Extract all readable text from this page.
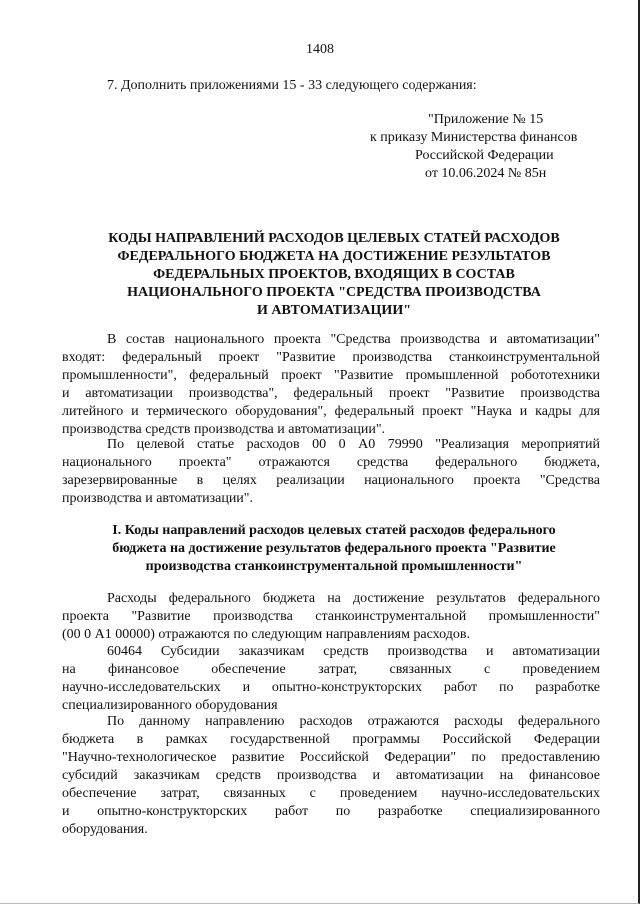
1408
7. Дополнить приложениями 15 - 33 следующего содержания:
"Приложение № 15
к приказу Министерства финансов
Российской Федерации
от 10.06.2024 № 85н
КОДЫ НАПРАВЛЕНИЙ РАСХОДОВ ЦЕЛЕВЫХ СТАТЕЙ РАСХОДОВ
ФЕДЕРАЛЬНОГО БЮДЖЕТА НА ДОСТИЖЕНИЕ РЕЗУЛЬТАТОВ
ФЕДЕРАЛЬНЫХ ПРОЕКТОВ, ВХОДЯЩИХ В СОСТАВ
НАЦИОНАЛЬНОГО ПРОЕКТА "СРЕДСТВА ПРОИЗВОДСТВА
И АВТОМАТИЗАЦИИ"
В состав национального проекта "Средства производства и автоматизации"
входят: федеральный проект "Развитие производства станкоинструментальной
промышленности", федеральный проект "Развитие промышленной робототехники
и автоматизации производства", федеральный проект "Развитие производства
литейного и термического оборудования", федеральный проект "Наука и кадры для
производства средств производства и автоматизации".
По целевой статье расходов 00 0 А0 79990 "Реализация мероприятий
национального проекта" отражаются средства федерального бюджета,
зарезервированные в целях реализации национального проекта "Средства
производства и автоматизации".
I. Коды направлений расходов целевых статей расходов федерального
бюджета на достижение результатов федерального проекта "Развитие
производства станкоинструментальной промышленности"
Расходы федерального бюджета на достижение результатов федерального
проекта "Развитие производства станкоинструментальной промышленности"
(00 0 А1 00000) отражаются по следующим направлениям расходов.
60464 Субсидии заказчикам средств производства и автоматизации
на финансовое обеспечение затрат, связанных с проведением
научно-исследовательских и опытно-конструкторских работ по разработке
специализированного оборудования
По данному направлению расходов отражаются расходы федерального
бюджета в рамках государственной программы Российской Федерации
"Научно-технологическое развитие Российской Федерации" по предоставлению
субсидий заказчикам средств производства и автоматизации на финансовое
обеспечение затрат, связанных с проведением научно-исследовательских
и опытно-конструкторских работ по разработке специализированного
оборудования.
